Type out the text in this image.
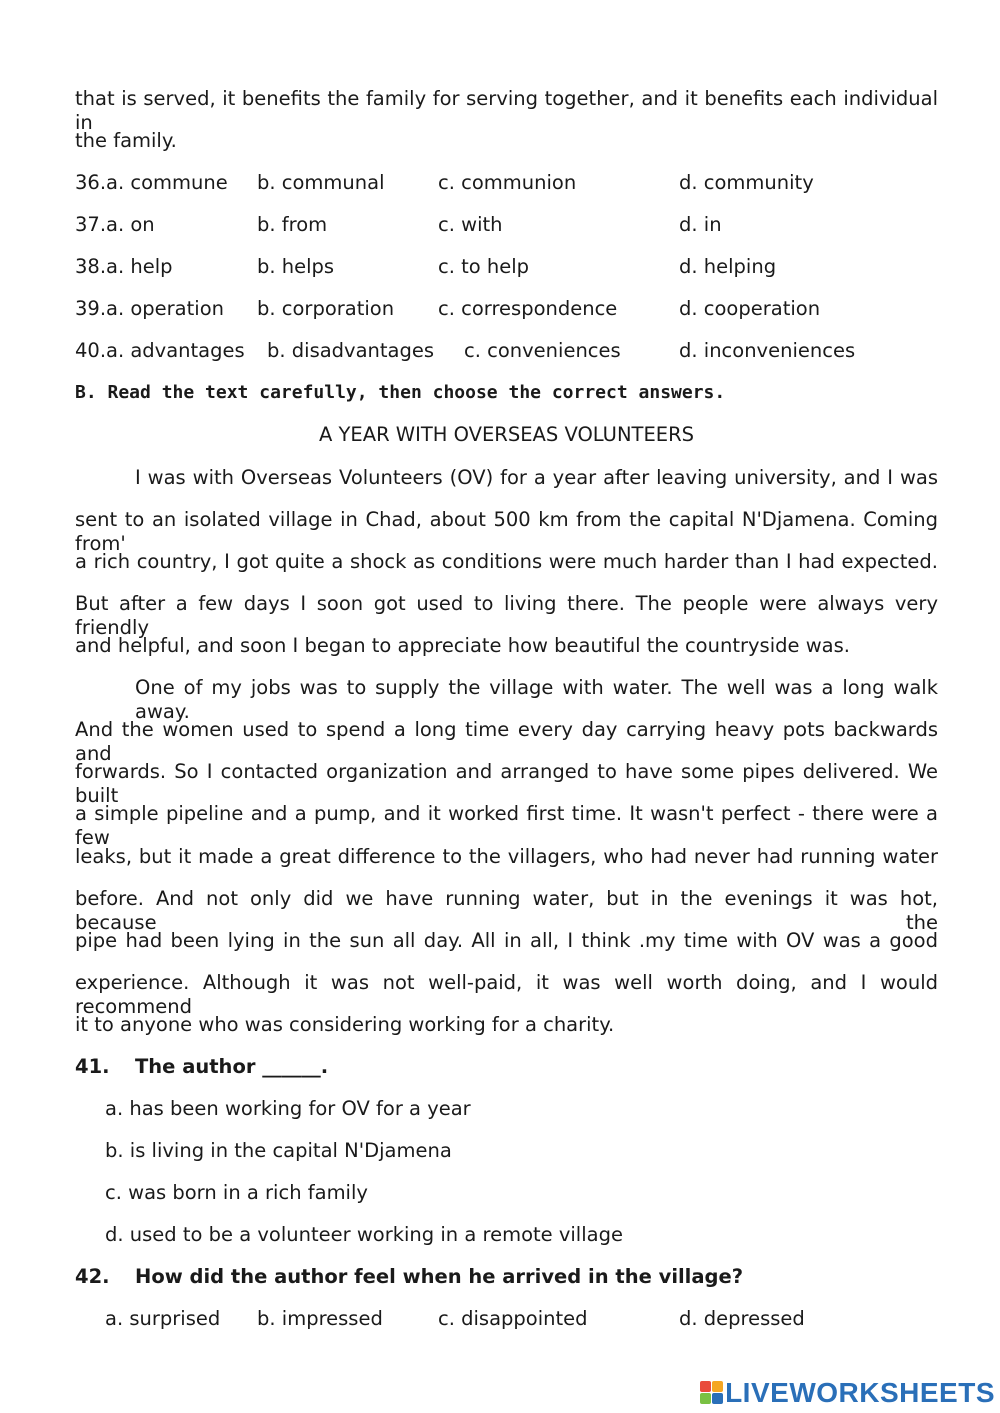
that is served, it benefits the family for serving together, and it benefits each individual in
the family.
36.a. commune b. communal	c. communion	d. community
37.a. on	b. from	c. with	d. in
38.a. help	b. helps	c. to help	d. helping
39.a. operation b. corporation c. correspondence	d. cooperation
40.a. advantages b. disadvantages c. conveniences	d. inconveniences
B. Read the text carefully, then choose the correct answers.
A YEAR WITH OVERSEAS VOLUNTEERS
I was with Overseas Volunteers (OV) for a year after leaving university, and I was
sent to an isolated village in Chad, about 500 km from the capital N'Djamena. Coming from'
a rich country, I got quite a shock as conditions were much harder than I had expected.
But after a few days I soon got used to living there. The people were always very friendly
and helpful, and soon I began to appreciate how beautiful the countryside was.
One of my jobs was to supply the village with water. The well was a long walk away.
And the women used to spend a long time every day carrying heavy pots backwards and
forwards. So I contacted organization and arranged to have some pipes delivered. We built
a simple pipeline and a pump, and it worked first time. It wasn't perfect - there were a few
leaks, but it made a great difference to the villagers, who had never had running water
before. And not only did we have running water, but in the evenings it was hot, because the
pipe had been lying in the sun all day. All in all, I think .my time with OV was a good
experience. Although it was not well-paid, it was well worth doing, and I would recommend
it to anyone who was considering working for a charity.
41. The author ______.
a. has been working for OV for a year
b. is living in the capital N'Djamena
c. was born in a rich family
d. used to be a volunteer working in a remote village
42. How did the author feel when he arrived in the village?
a. surprised b. impressed	c. disappointed	d. depressed
LIVEWORKSHEETS
